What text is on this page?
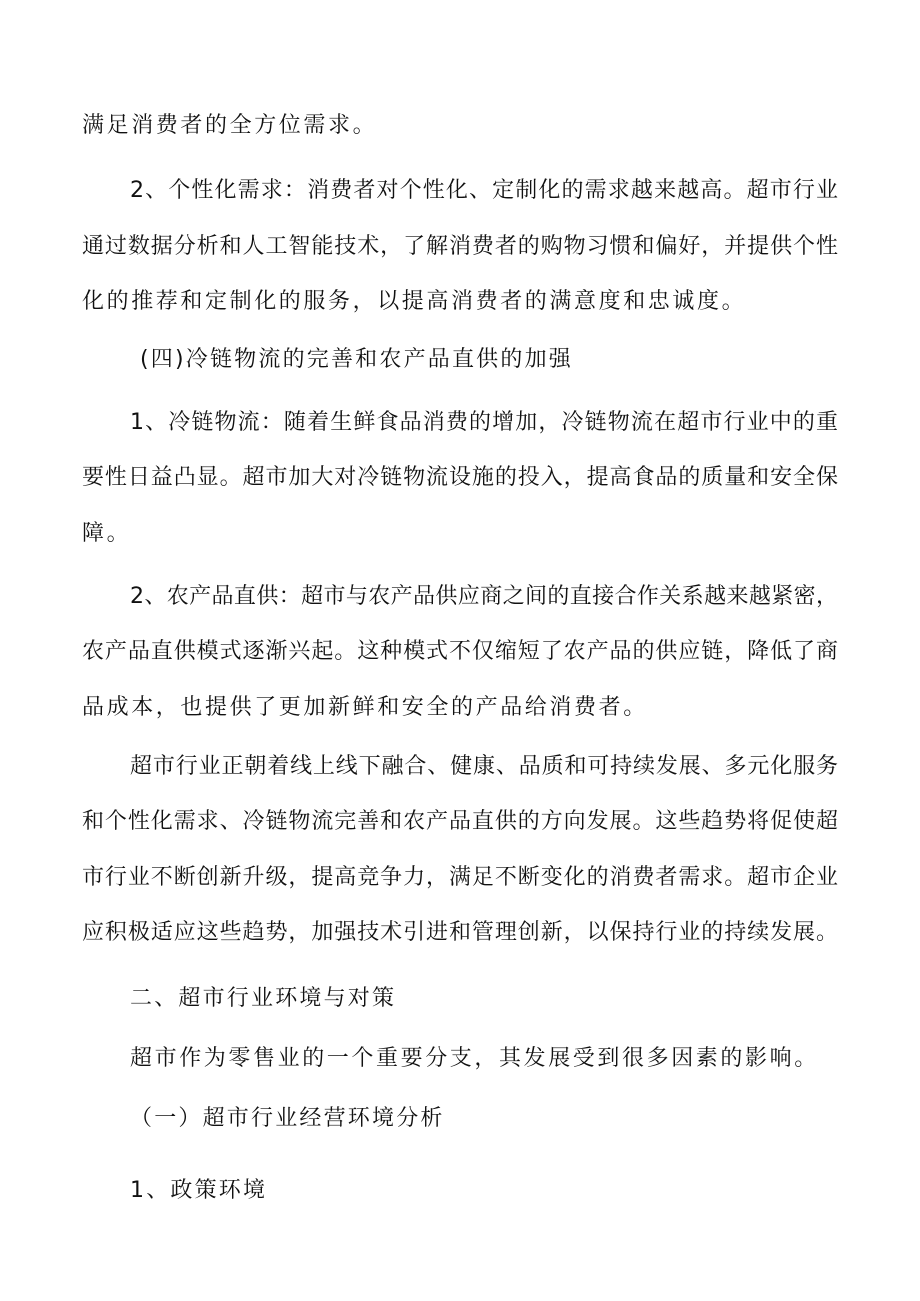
满足消费者的全方位需求。
2、个性化需求：消费者对个性化、定制化的需求越来越高。超市行业
通过数据分析和人工智能技术，了解消费者的购物习惯和偏好，并提供个性
化的推荐和定制化的服务，以提高消费者的满意度和忠诚度。
(四)冷链物流的完善和农产品直供的加强
1、冷链物流：随着生鲜食品消费的增加，冷链物流在超市行业中的重
要性日益凸显。超市加大对冷链物流设施的投入，提高食品的质量和安全保
障。
2、农产品直供：超市与农产品供应商之间的直接合作关系越来越紧密，
农产品直供模式逐渐兴起。这种模式不仅缩短了农产品的供应链，降低了商
品成本，也提供了更加新鲜和安全的产品给消费者。
超市行业正朝着线上线下融合、健康、品质和可持续发展、多元化服务
和个性化需求、冷链物流完善和农产品直供的方向发展。这些趋势将促使超
市行业不断创新升级，提高竞争力，满足不断变化的消费者需求。超市企业
应积极适应这些趋势，加强技术引进和管理创新，以保持行业的持续发展。
二、超市行业环境与对策
超市作为零售业的一个重要分支，其发展受到很多因素的影响。
（一）超市行业经营环境分析
1、政策环境
